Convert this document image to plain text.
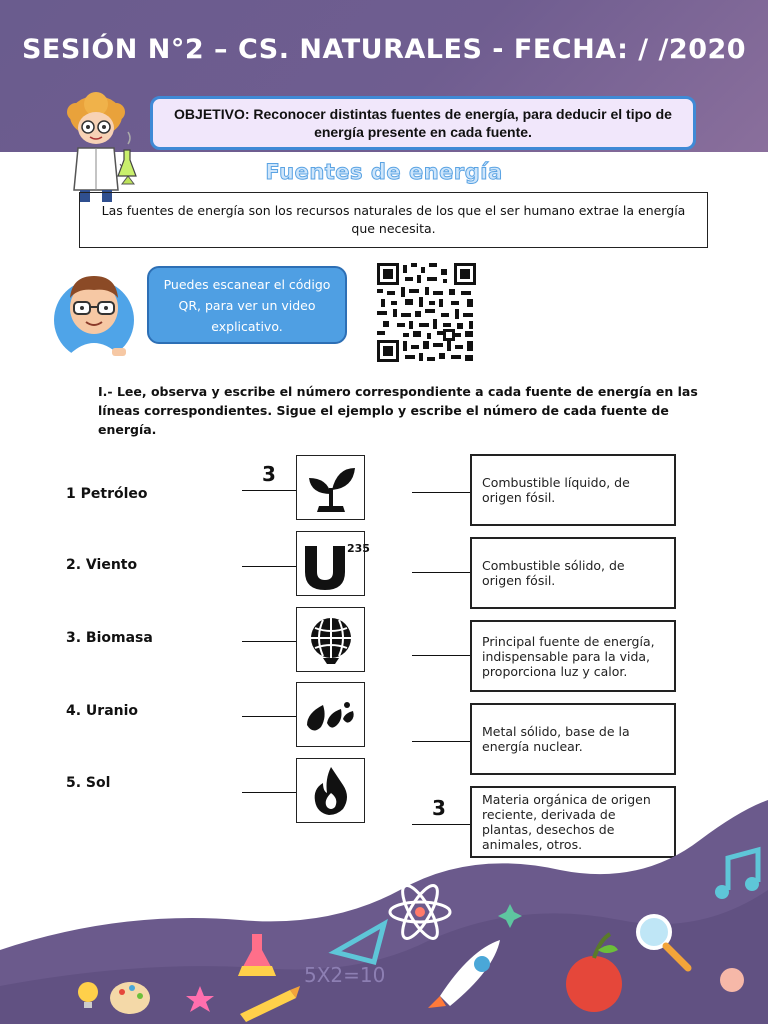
SESIÓN N°2 – CS. NATURALES - FECHA: / /2020
OBJETIVO: Reconocer distintas fuentes de energía, para deducir el tipo de energía presente en cada fuente.
Fuentes de energía
Las fuentes de energía son los recursos naturales de los que el ser humano extrae la energía que necesita.
Puedes escanear el código QR, para ver un video explicativo.
I.- Lee, observa y escribe el número correspondiente a cada fuente de energía en las líneas correspondientes. Sigue el ejemplo y escribe el número de cada fuente de energía.
1 Petróleo
2. Viento
3. Biomasa
4. Uranio
5. Sol
3
235
3
Combustible líquido, de origen fósil.
Combustible sólido, de origen fósil.
Principal fuente de energía, indispensable para la vida, proporciona luz y calor.
Metal sólido, base de la energía nuclear.
Materia orgánica de origen reciente, derivada de plantas, desechos de animales, otros.
5X2=10
